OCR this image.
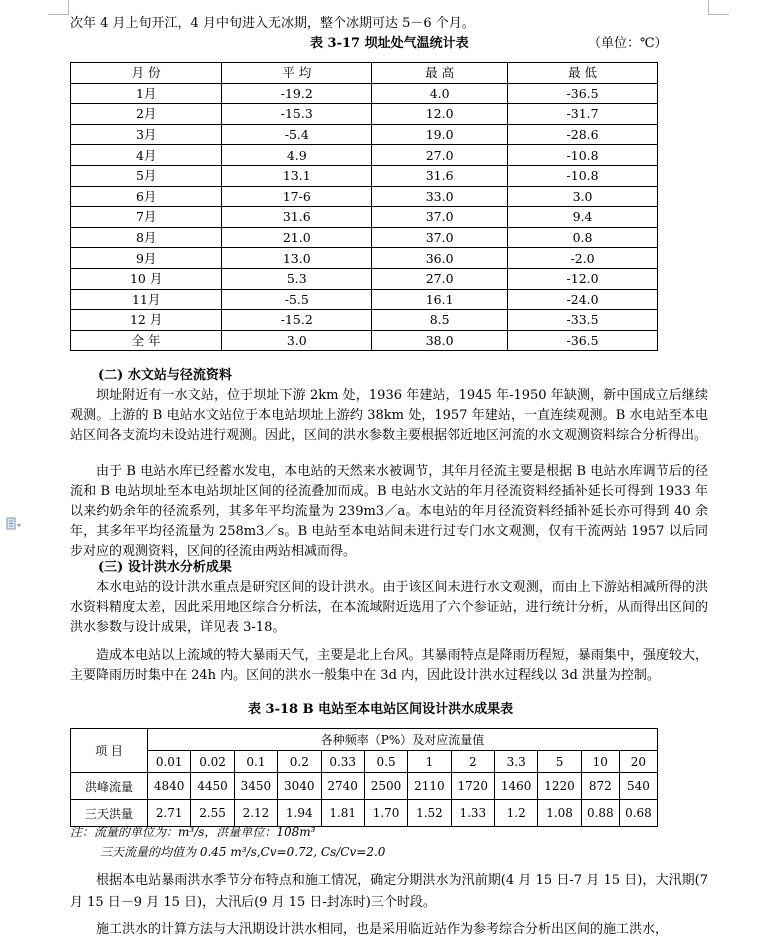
次年 4 月上旬开江，4 月中旬进入无冰期，整个冰期可达 5－6 个月。
表 3-17 坝址处气温统计表	（单位：℃）
月 份	平 均	最 高	最 低
1月	-19.2	4.0	-36.5
2月	-15.3	12.0	-31.7
3月	-5.4	19.0	-28.6
4月	4.9	27.0	-10.8
5月	13.1	31.6	-10.8
6月	17-6	33.0	3.0
7月	31.6	37.0	9.4
8月	21.0	37.0	0.8
9月	13.0	36.0	-2.0
10 月	5.3	27.0	-12.0
11月	-5.5	16.1	-24.0
12 月	-15.2	8.5	-33.5
全 年	3.0	38.0	-36.5
(二) 水文站与径流资料

坝址附近有一水文站，位于坝址下游 2km 处，1936 年建站，1945 年-1950 年缺测，新中国成立后继续观测。上游的 B 电站水文站位于本电站坝址上游约 38km 处，1957 年建站，一直连续观测。B 水电站至本电站区间各支流均未设站进行观测。因此，区间的洪水参数主要根据邻近地区河流的水文观测资料综合分析得出。

由于 B 电站水库已经蓄水发电，本电站的天然来水被调节，其年月径流主要是根据 B 电站水库调节后的径流和 B 电站坝址至本电站坝址区间的径流叠加而成。B 电站水文站的年月径流资料经插补延长可得到 1933 年以来约奶余年的径流系列，其多年平均流量为 239m3／a。本电站的年月径流资料经插补延长亦可得到 40 余年，其多年平均径流量为 258m3／s。B 电站至本电站间未进行过专门水文观测，仅有干流两站 1957 以后同步对应的观测资料，区间的径流由两站相减而得。

(三) 设计洪水分析成果

本水电站的设计洪水重点是研究区间的设计洪水。由于该区间未进行水文观测，而由上下游站相减所得的洪水资料精度太差，因此采用地区综合分析法，在本流域附近选用了六个参证站，进行统计分析，从而得出区间的洪水参数与设计成果，详见表 3-18。

造成本电站以上流域的特大暴雨天气，主要是北上台风。其暴雨特点是降雨历程短，暴雨集中，强度较大，主要降雨历时集中在 24h 内。区间的洪水一般集中在 3d 内，因此设计洪水过程线以 3d 洪量为控制。

表 3-18 B 电站至本电站区间设计洪水成果表
项 目	各种频率（P%）及对应流量值											
	0.01	0.02	0.1	0.2	0.33	0.5	1	2	3.3	5	10	20
洪峰流量	4840	4450	3450	3040	2740	2500	2110	1720	1460	1220	872	540
三天洪量	2.71	2.55	2.12	1.94	1.81	1.70	1.52	1.33	1.2	1.08	0.88	0.68
注：流量的单位为：m³/s，洪量单位：108m³
三天流量的均值为 0.45 m³/s,Cv=0.72, Cs/Cv=2.0

根据本电站暴雨洪水季节分布特点和施工情况，确定分期洪水为汛前期(4 月 15 日-7 月 15 日)，大汛期(7 月 15 日－9 月 15 日)，大汛后(9 月 15 日-封冻时)三个时段。

施工洪水的计算方法与大汛期设计洪水相同，也是采用临近站作为参考综合分析出区间的施工洪水，
